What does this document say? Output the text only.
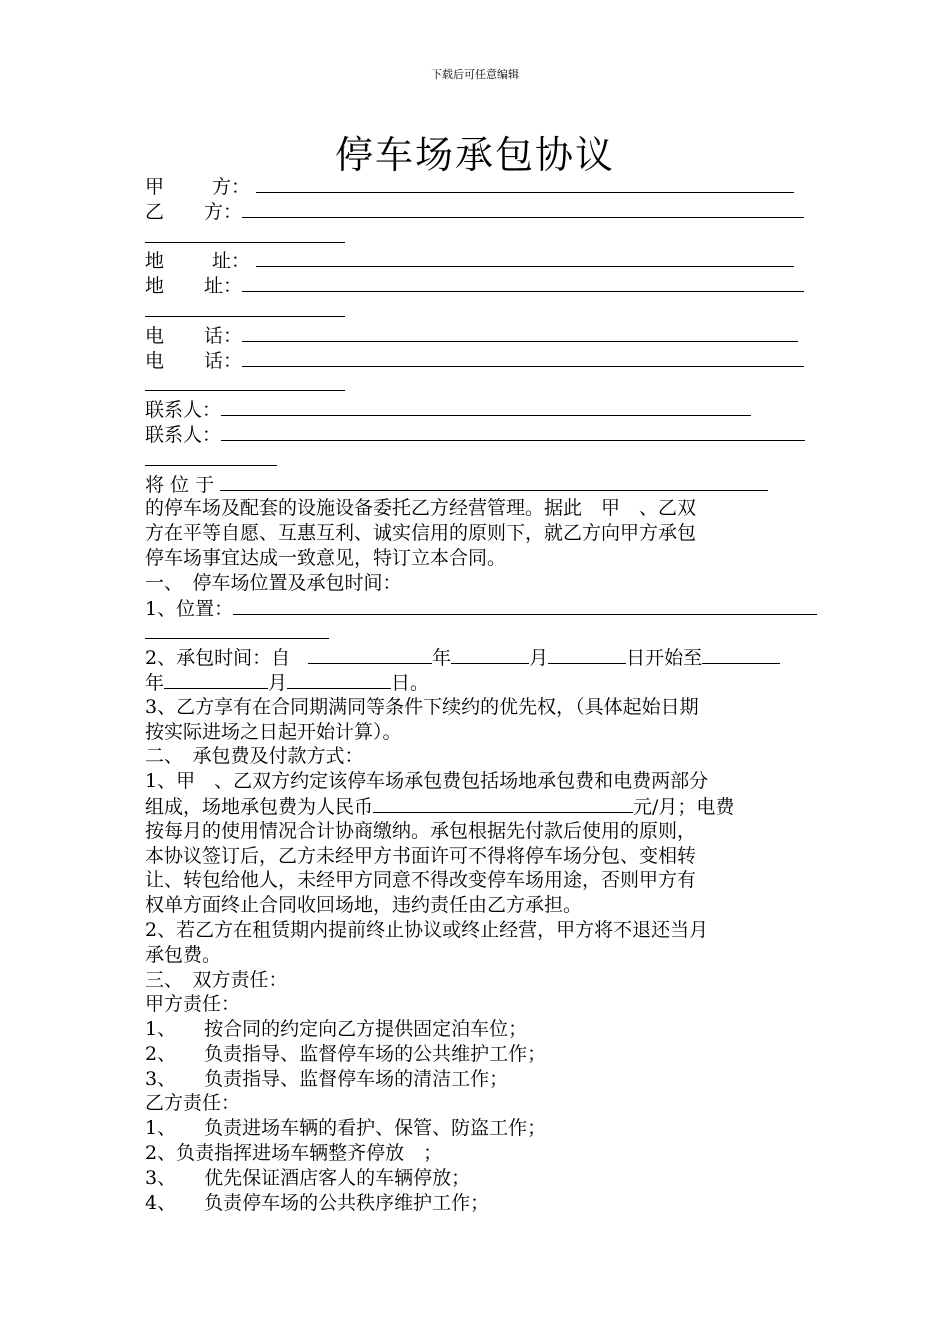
下载后可任意编辑
停车场承包协议
甲	方：
乙 方：
地	址：
地 址：
电 话：
电 话：
联系人：
联系人：
将 位 于
的停车场及配套的设施设备委托乙方经营管理。据此　甲　、乙双
方在平等自愿、互惠互利、诚实信用的原则下，就乙方向甲方承包
停车场事宜达成一致意见，特订立本合同。
一、　停车场位置及承包时间：
1、位置：
2、承包时间：自	年	月	日开始至
年	月	日。
3、乙方享有在合同期满同等条件下续约的优先权，（具体起始日期
按实际进场之日起开始计算）。
二、　承包费及付款方式：
1、甲　、乙双方约定该停车场承包费包括场地承包费和电费两部分
组成，场地承包费为人民币	元/月；电费
按每月的使用情况合计协商缴纳。承包根据先付款后使用的原则，
本协议签订后，乙方未经甲方书面许可不得将停车场分包、变相转
让、转包给他人，未经甲方同意不得改变停车场用途，否则甲方有
权单方面终止合同收回场地，违约责任由乙方承担。
2、若乙方在租赁期内提前终止协议或终止经营，甲方将不退还当月
承包费。
三、　双方责任：
甲方责任：
1、 按合同的约定向乙方提供固定泊车位；
2、 负责指导、监督停车场的公共维护工作；
3、 负责指导、监督停车场的清洁工作；
乙方责任：
1、 负责进场车辆的看护、保管、防盗工作；
2、负责指挥进场车辆整齐停放　；
3、 优先保证酒店客人的车辆停放；
4、 负责停车场的公共秩序维护工作；
